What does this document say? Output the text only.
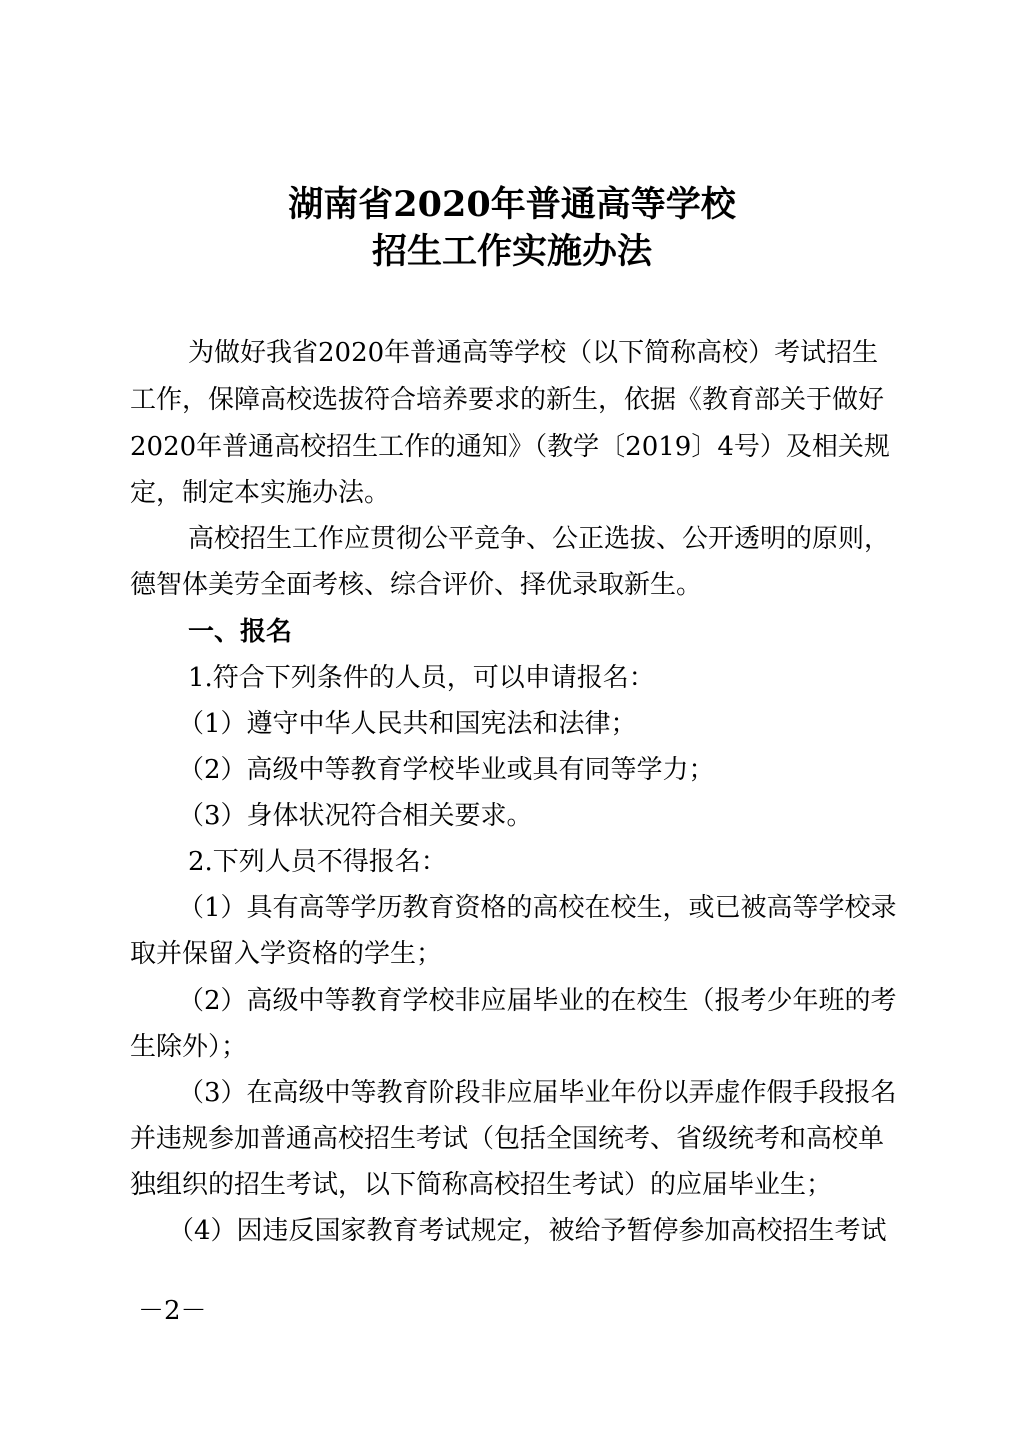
湖南省2020年普通高等学校
招生工作实施办法
为做好我省2020年普通高等学校（以下简称高校）考试招生
工作，保障高校选拔符合培养要求的新生，依据《教育部关于做好
2020年普通高校招生工作的通知》（教学〔2019〕4号）及相关规
定，制定本实施办法。
高校招生工作应贯彻公平竞争、公正选拔、公开透明的原则，
德智体美劳全面考核、综合评价、择优录取新生。
一、报名
1.符合下列条件的人员，可以申请报名：
（1）遵守中华人民共和国宪法和法律；
（2）高级中等教育学校毕业或具有同等学力；
（3）身体状况符合相关要求。
2.下列人员不得报名：
（1）具有高等学历教育资格的高校在校生，或已被高等学校录
取并保留入学资格的学生；
（2）高级中等教育学校非应届毕业的在校生（报考少年班的考
生除外）；
（3）在高级中等教育阶段非应届毕业年份以弄虚作假手段报名
并违规参加普通高校招生考试（包括全国统考、省级统考和高校单
独组织的招生考试，以下简称高校招生考试）的应届毕业生；
（4）因违反国家教育考试规定，被给予暂停参加高校招生考试
－2－
